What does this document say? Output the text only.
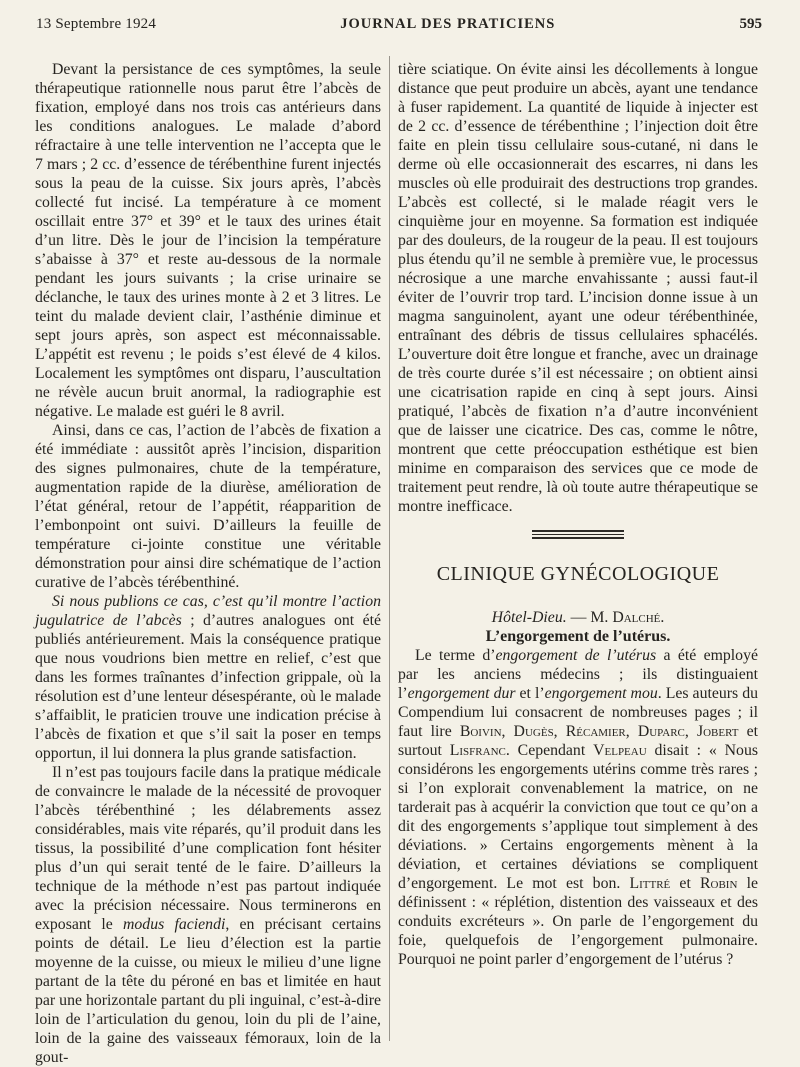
13 Septembre 1924	JOURNAL DES PRATICIENS	595

Devant la persistance de ces symptômes, la seule thérapeutique rationnelle nous parut être l’abcès de fixation, employé dans nos trois cas antérieurs dans les conditions analogues. Le malade d’abord réfractaire à une telle intervention ne l’accepta que le 7 mars ; 2 cc. d’essence de térébenthine furent injectés sous la peau de la cuisse. Six jours après, l’abcès collecté fut incisé. La température à ce moment oscillait entre 37° et 39° et le taux des urines était d’un litre. Dès le jour de l’incision la température s’abaisse à 37° et reste au-dessous de la normale pendant les jours suivants ; la crise urinaire se déclanche, le taux des urines monte à 2 et 3 litres. Le teint du malade devient clair, l’asthénie diminue et sept jours après, son aspect est méconnaissable. L’appétit est revenu ; le poids s’est élevé de 4 kilos. Localement les symptômes ont disparu, l’auscultation ne révèle aucun bruit anormal, la radiographie est négative. Le malade est guéri le 8 avril.

Ainsi, dans ce cas, l’action de l’abcès de fixation a été immédiate : aussitôt après l’incision, disparition des signes pulmonaires, chute de la température, augmentation rapide de la diurèse, amélioration de l’état général, retour de l’appétit, réapparition de l’embonpoint ont suivi. D’ailleurs la feuille de température ci-jointe constitue une véritable démonstration pour ainsi dire schématique de l’action curative de l’abcès térébenthiné.

Si nous publions ce cas, c’est qu’il montre l’action jugulatrice de l’abcès ; d’autres analogues ont été publiés antérieurement. Mais la conséquence pratique que nous voudrions bien mettre en relief, c’est que dans les formes traînantes d’infection grippale, où la résolution est d’une lenteur désespérante, où le malade s’affaiblit, le praticien trouve une indication précise à l’abcès de fixation et que s’il sait la poser en temps opportun, il lui donnera la plus grande satisfaction.

Il n’est pas toujours facile dans la pratique médicale de convaincre le malade de la nécessité de provoquer l’abcès térébenthiné ; les délabrements assez considérables, mais vite réparés, qu’il produit dans les tissus, la possibilité d’une complication font hésiter plus d’un qui serait tenté de le faire. D’ailleurs la technique de la méthode n’est pas partout indiquée avec la précision nécessaire. Nous terminerons en exposant le modus faciendi, en précisant certains points de détail. Le lieu d’élection est la partie moyenne de la cuisse, ou mieux le milieu d’une ligne partant de la tête du péroné en bas et limitée en haut par une horizontale partant du pli inguinal, c’est-à-dire loin de l’articulation du genou, loin du pli de l’aine, loin de la gaine des vaisseaux fémoraux, loin de la gout-

tière sciatique. On évite ainsi les décollements à longue distance que peut produire un abcès, ayant une tendance à fuser rapidement. La quantité de liquide à injecter est de 2 cc. d’essence de térébenthine ; l’injection doit être faite en plein tissu cellulaire sous-cutané, ni dans le derme où elle occasionnerait des escarres, ni dans les muscles où elle produirait des destructions trop grandes. L’abcès est collecté, si le malade réagit vers le cinquième jour en moyenne. Sa formation est indiquée par des douleurs, de la rougeur de la peau. Il est toujours plus étendu qu’il ne semble à première vue, le processus nécrosique a une marche envahissante ; aussi faut-il éviter de l’ouvrir trop tard. L’incision donne issue à un magma sanguinolent, ayant une odeur térébenthinée, entraînant des débris de tissus cellulaires sphacélés. L’ouverture doit être longue et franche, avec un drainage de très courte durée s’il est nécessaire ; on obtient ainsi une cicatrisation rapide en cinq à sept jours. Ainsi pratiqué, l’abcès de fixation n’a d’autre inconvénient que de laisser une cicatrice. Des cas, comme le nôtre, montrent que cette préoccupation esthétique est bien minime en comparaison des services que ce mode de traitement peut rendre, là où toute autre thérapeutique se montre inefficace.

CLINIQUE GYNÉCOLOGIQUE

Hôtel-Dieu. — M. Dalché.

L’engorgement de l’utérus.

Le terme d’engorgement de l’utérus a été employé par les anciens médecins ; ils distinguaient l’engorgement dur et l’engorgement mou. Les auteurs du Compendium lui consacrent de nombreuses pages ; il faut lire Boivin, Dugès, Récamier, Duparc, Jobert et surtout Lisfranc. Cependant Velpeau disait : « Nous considérons les engorgements utérins comme très rares ; si l’on explorait convenablement la matrice, on ne tarderait pas à acquérir la conviction que tout ce qu’on a dit des engorgements s’applique tout simplement à des déviations. » Certains engorgements mènent à la déviation, et certaines déviations se compliquent d’engorgement. Le mot est bon. Littré et Robin le définissent : « réplétion, distention des vaisseaux et des conduits excréteurs ». On parle de l’engorgement du foie, quelquefois de l’engorgement pulmonaire. Pourquoi ne point parler d’engorgement de l’utérus ?
